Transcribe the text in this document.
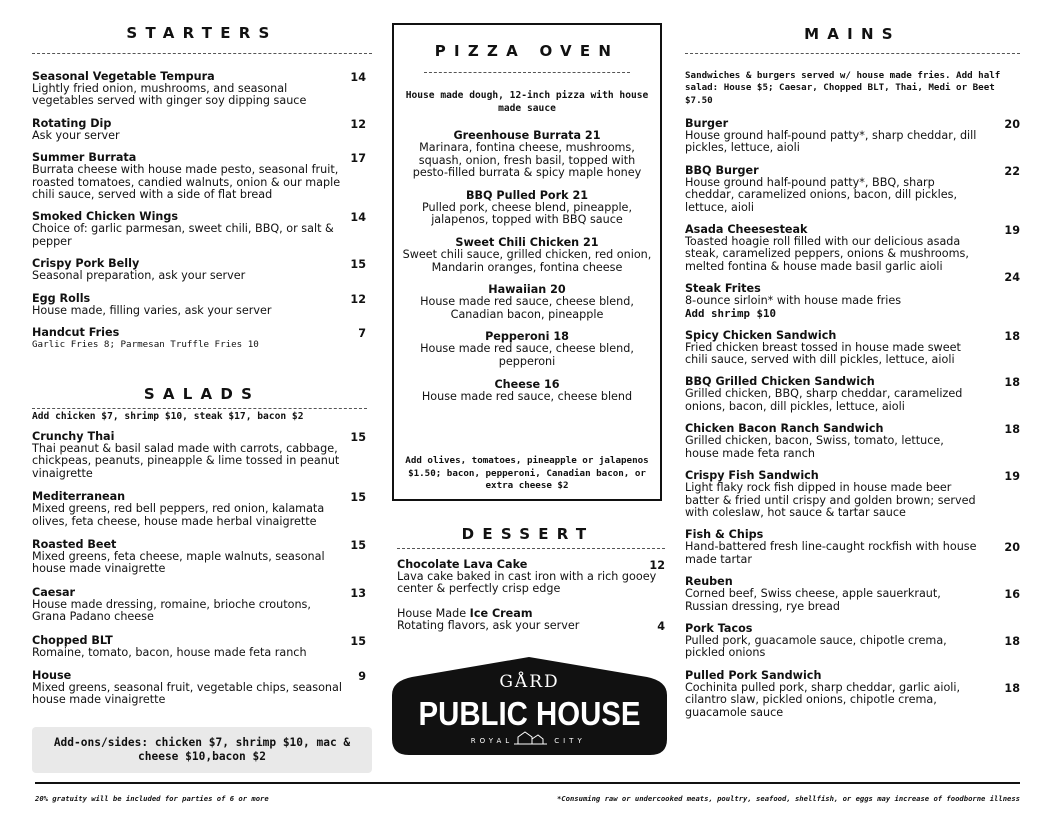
STARTERS
Seasonal Vegetable Tempura
Lightly fried onion, mushrooms, and seasonal vegetables served with ginger soy dipping sauce
14
Rotating Dip
Ask your server
12
Summer Burrata
Burrata cheese with house made pesto, seasonal fruit, roasted tomatoes, candied walnuts, onion & our maple chili sauce, served with a side of flat bread
17
Smoked Chicken Wings
Choice of: garlic parmesan, sweet chili, BBQ, or salt & pepper
14
Crispy Pork Belly
Seasonal preparation, ask your server
15
Egg Rolls
House made, filling varies, ask your server
12
Handcut Fries
Garlic Fries 8; Parmesan Truffle Fries 10
7
SALADS
Add chicken $7, shrimp $10, steak $17, bacon $2
Crunchy Thai
Thai peanut & basil salad made with carrots, cabbage, chickpeas, peanuts, pineapple & lime tossed in peanut vinaigrette
15
Mediterranean
Mixed greens, red bell peppers, red onion, kalamata olives, feta cheese, house made herbal vinaigrette
15
Roasted Beet
Mixed greens, feta cheese, maple walnuts, seasonal house made vinaigrette
15
Caesar
House made dressing, romaine, brioche croutons, Grana Padano cheese
13
Chopped BLT
Romaine, tomato, bacon, house made feta ranch
15
House
Mixed greens, seasonal fruit, vegetable chips, seasonal house made vinaigrette
9
Add-ons/sides: chicken $7, shrimp $10, mac & cheese $10,bacon $2
PIZZA OVEN
House made dough, 12-inch pizza with house made sauce
Greenhouse Burrata 21
Marinara, fontina cheese, mushrooms, squash, onion, fresh basil, topped with pesto-filled burrata & spicy maple honey
BBQ Pulled Pork 21
Pulled pork, cheese blend, pineapple, jalapenos, topped with BBQ sauce
Sweet Chili Chicken 21
Sweet chili sauce, grilled chicken, red onion, Mandarin oranges, fontina cheese
Hawaiian 20
House made red sauce, cheese blend, Canadian bacon, pineapple
Pepperoni 18
House made red sauce, cheese blend, pepperoni
Cheese 16
House made red sauce, cheese blend
Add olives, tomatoes, pineapple or jalapenos $1.50; bacon, pepperoni, Canadian bacon, or extra cheese $2
DESSERT
Chocolate Lava Cake
Lava cake baked in cast iron with a rich gooey center & perfectly crisp edge
12
House Made Ice Cream
Rotating flavors, ask your server	4
GÅRD
PUBLIC HOUSE
ROYAL	CITY
MAINS
Sandwiches & burgers served w/ house made fries. Add half salad: House $5; Caesar, Chopped BLT, Thai, Medi or Beet $7.50
Burger
House ground half-pound patty*, sharp cheddar, dill pickles, lettuce, aioli
20
BBQ Burger
House ground half-pound patty*, BBQ, sharp cheddar, caramelized onions, bacon, dill pickles, lettuce, aioli
22
Asada Cheesesteak
Toasted hoagie roll filled with our delicious asada steak, caramelized peppers, onions & mushrooms, melted fontina & house made basil garlic aioli
19
Steak Frites
8-ounce sirloin* with house made fries
Add shrimp $10
24
Spicy Chicken Sandwich
Fried chicken breast tossed in house made sweet chili sauce, served with dill pickles, lettuce, aioli
18
BBQ Grilled Chicken Sandwich
Grilled chicken, BBQ, sharp cheddar, caramelized onions, bacon, dill pickles, lettuce, aioli
18
Chicken Bacon Ranch Sandwich
Grilled chicken, bacon, Swiss, tomato, lettuce, house made feta ranch
18
Crispy Fish Sandwich
Light flaky rock fish dipped in house made beer batter & fried until crispy and golden brown; served with coleslaw, hot sauce & tartar sauce
19
Fish & Chips
Hand-battered fresh line-caught rockfish with house made tartar
20
Reuben
Corned beef, Swiss cheese, apple sauerkraut, Russian dressing, rye bread
16
Pork Tacos
Pulled pork, guacamole sauce, chipotle crema, pickled onions
18
Pulled Pork Sandwich
Cochinita pulled pork, sharp cheddar, garlic aioli, cilantro slaw, pickled onions, chipotle crema, guacamole sauce
18
20% gratuity will be included for parties of 6 or more	*Consuming raw or undercooked meats, poultry, seafood, shellfish, or eggs may increase of foodborne illness
